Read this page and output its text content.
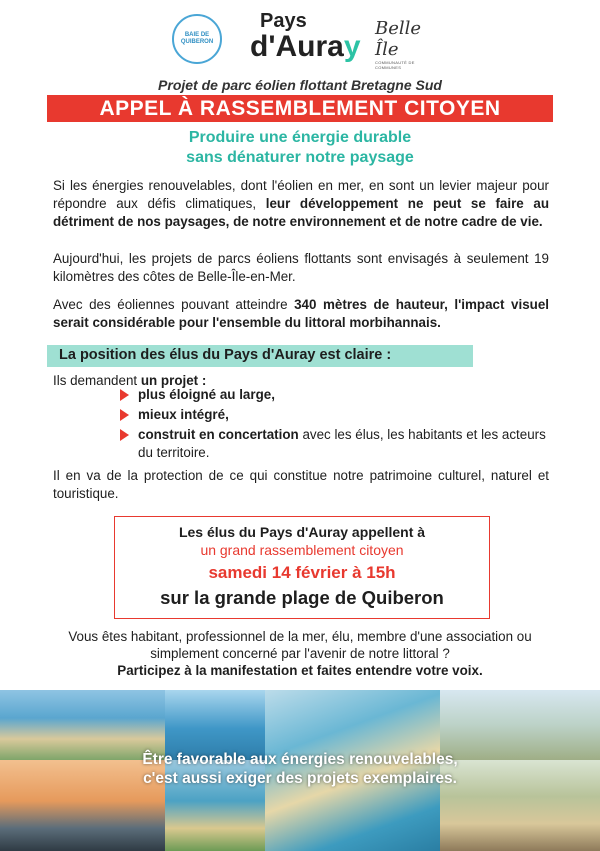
BAIE DE QUIBERON
Pays
d'Auray
Belle Île
COMMUNAUTÉ DE COMMUNES
Projet de parc éolien flottant Bretagne Sud
APPEL À RASSEMBLEMENT CITOYEN
Produire une énergie durable
sans dénaturer notre paysage
Si les énergies renouvelables, dont l'éolien en mer, en sont un levier majeur pour répondre aux défis climatiques, leur développement ne peut se faire au détriment de nos paysages, de notre environnement et de notre cadre de vie.
Aujourd'hui, les projets de parcs éoliens flottants sont envisagés à seulement 19 kilomètres des côtes de Belle-Île-en-Mer.
Avec des éoliennes pouvant atteindre 340 mètres de hauteur, l'impact visuel serait considérable pour l'ensemble du littoral morbihannais.
La position des élus du Pays d'Auray est claire :
Ils demandent un projet :
plus éloigné au large,
mieux intégré,
construit en concertation avec les élus, les habitants et les acteurs du territoire.
Il en va de la protection de ce qui constitue notre patrimoine culturel, naturel et touristique.
Les élus du Pays d'Auray appellent à
un grand rassemblement citoyen
samedi 14 février à 15h
sur la grande plage de Quiberon
Vous êtes habitant, professionnel de la mer, élu, membre d'une association ou simplement concerné par l'avenir de notre littoral ?
Participez à la manifestation et faites entendre votre voix.
Être favorable aux énergies renouvelables,
c'est aussi exiger des projets exemplaires.
